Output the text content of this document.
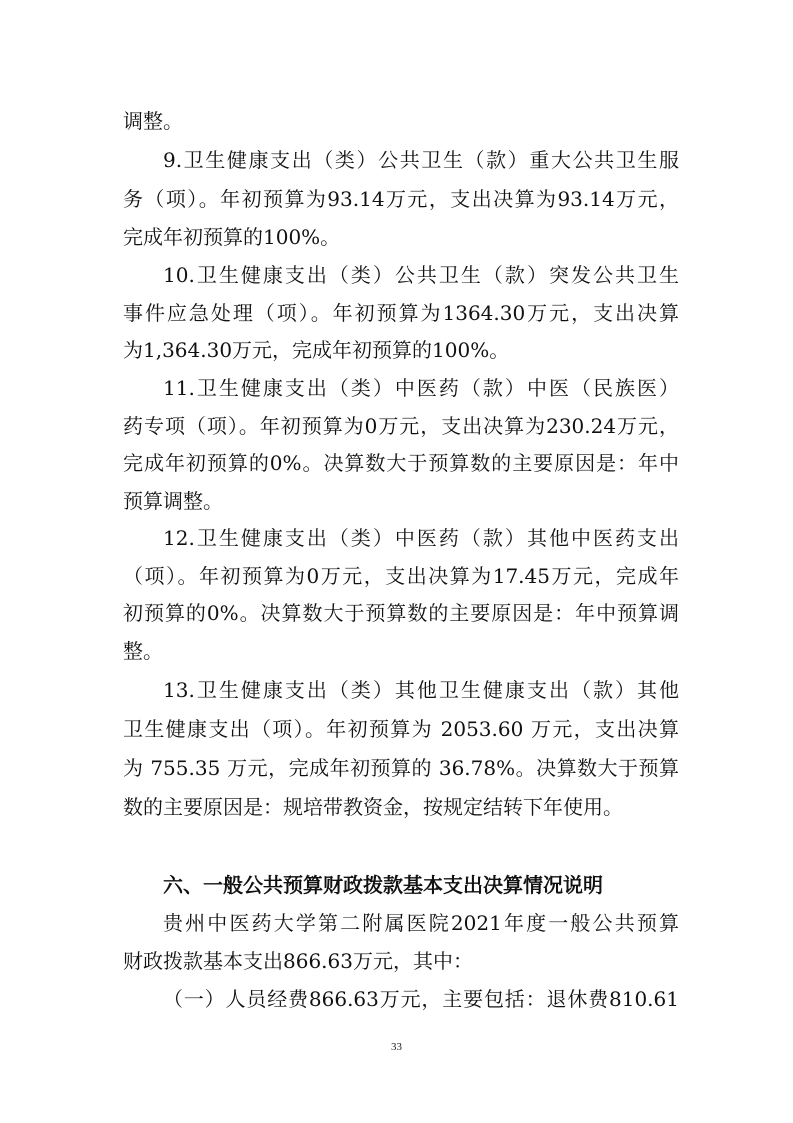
调整。
9.卫生健康支出（类）公共卫生（款）重大公共卫生服
务（项）。年初预算为93.14万元，支出决算为93.14万元，
完成年初预算的100%。
10.卫生健康支出（类）公共卫生（款）突发公共卫生
事件应急处理（项）。年初预算为1364.30万元，支出决算
为1,364.30万元，完成年初预算的100%。
11.卫生健康支出（类）中医药（款）中医（民族医）
药专项（项）。年初预算为0万元，支出决算为230.24万元，
完成年初预算的0%。决算数大于预算数的主要原因是：年中
预算调整。
12.卫生健康支出（类）中医药（款）其他中医药支出
（项）。年初预算为0万元，支出决算为17.45万元，完成年
初预算的0%。决算数大于预算数的主要原因是：年中预算调
整。
13.卫生健康支出（类）其他卫生健康支出（款）其他
卫生健康支出（项）。年初预算为 2053.60 万元，支出决算
为 755.35 万元，完成年初预算的 36.78%。决算数大于预算
数的主要原因是：规培带教资金，按规定结转下年使用。
六、一般公共预算财政拨款基本支出决算情况说明
贵州中医药大学第二附属医院2021年度一般公共预算
财政拨款基本支出866.63万元，其中：
（一）人员经费866.63万元，主要包括：退休费810.61
33
